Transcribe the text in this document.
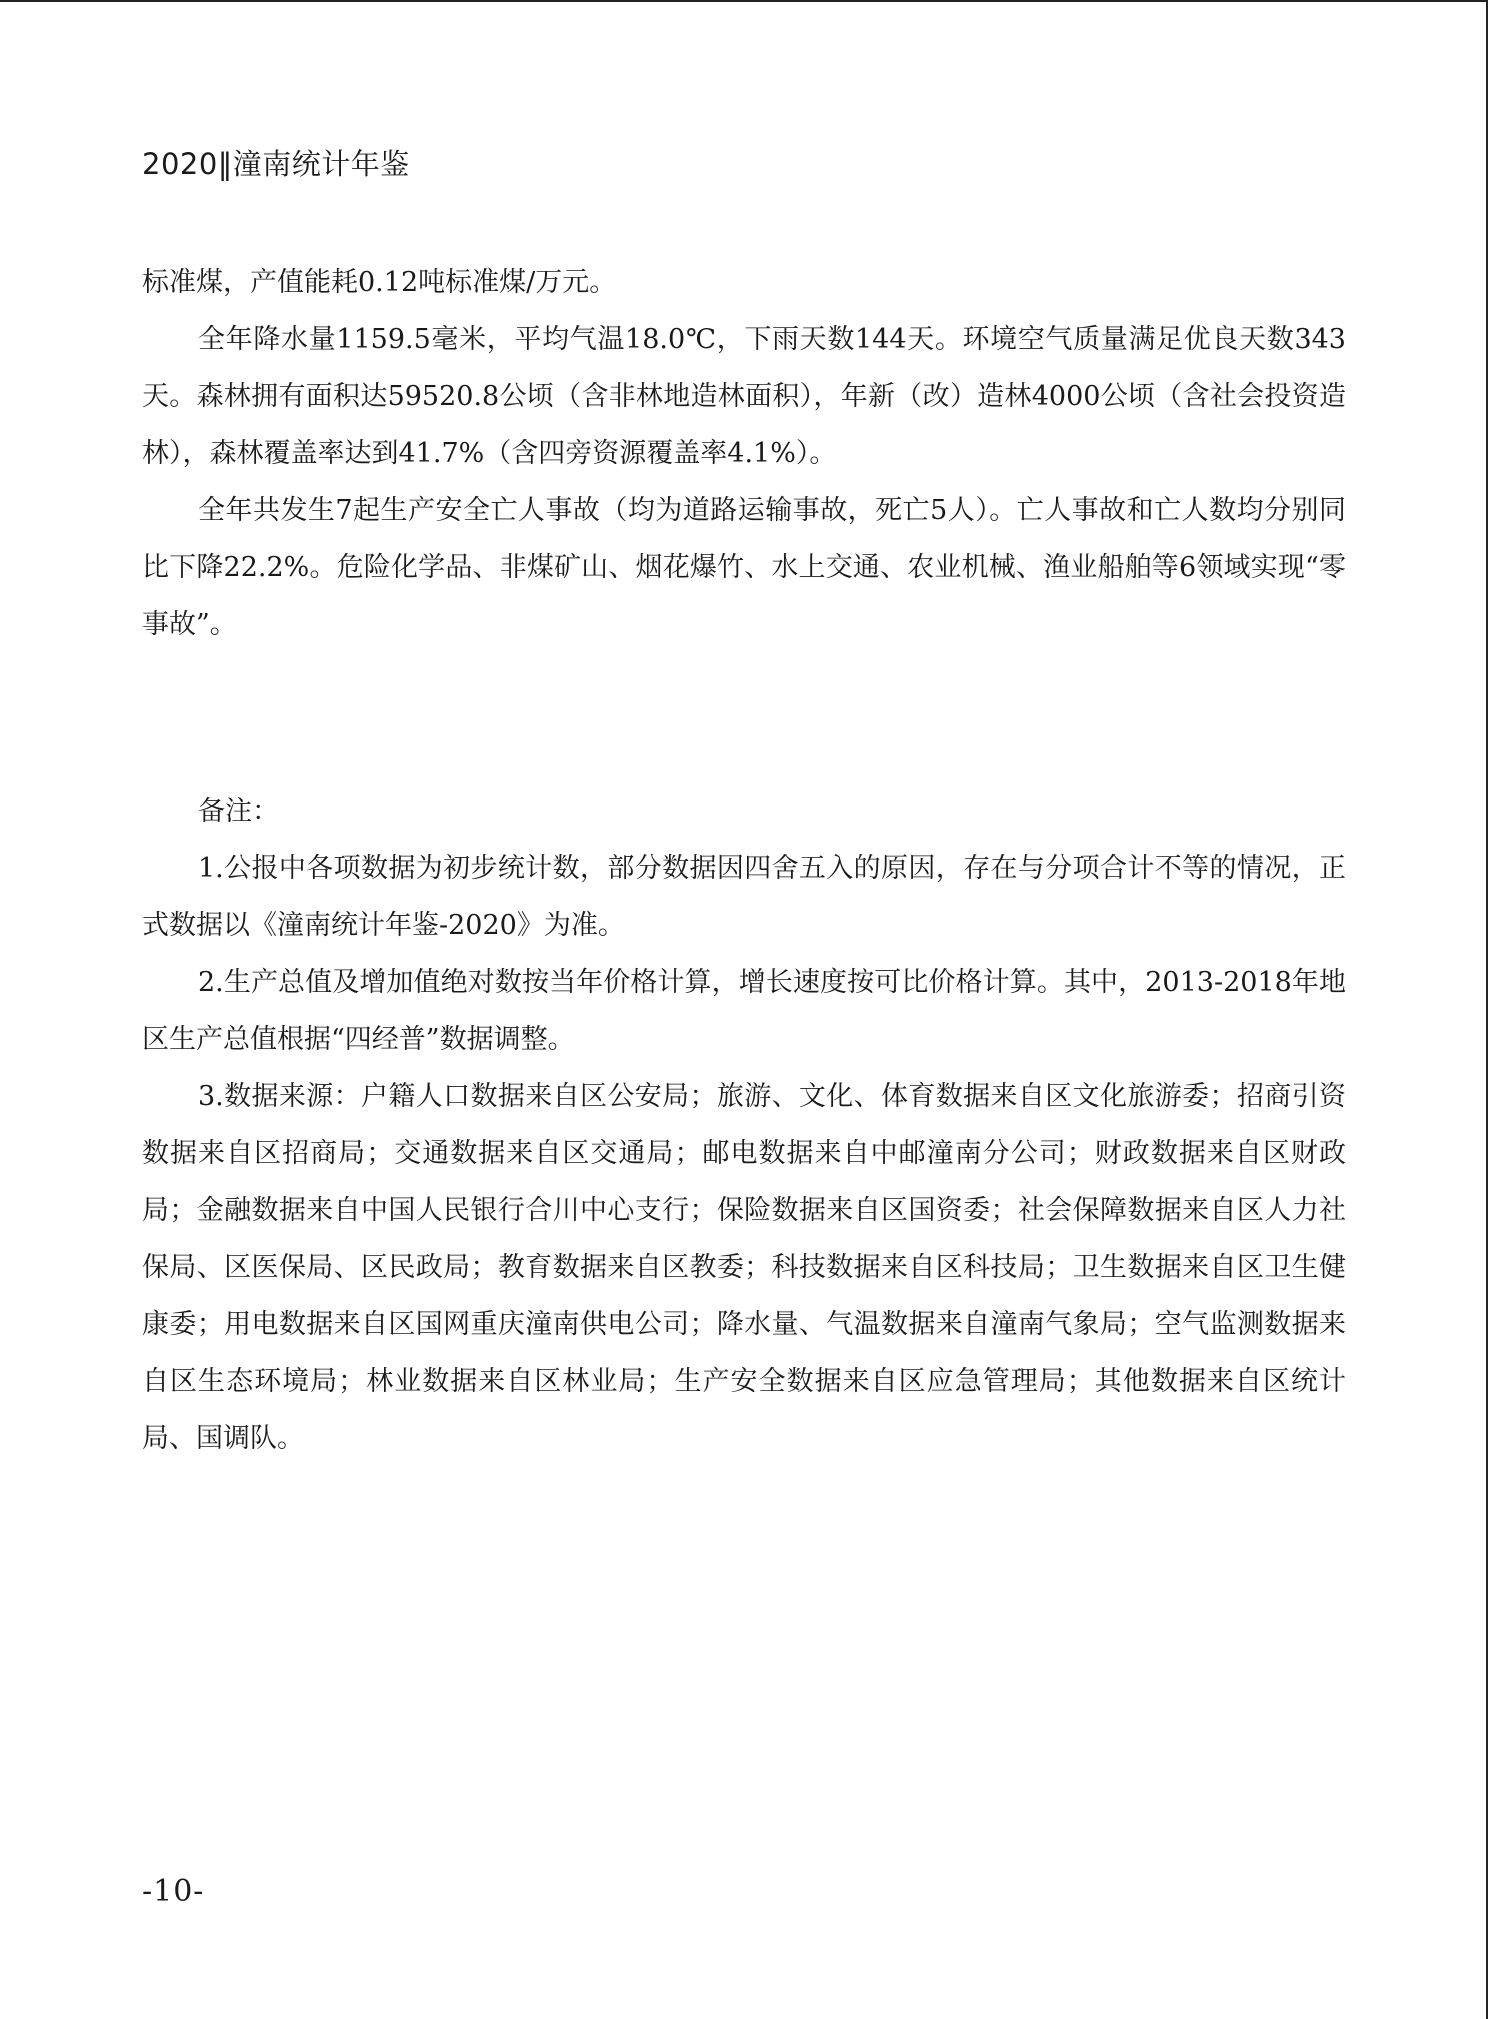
2020‖潼南统计年鉴

标准煤，产值能耗0.12吨标准煤/万元。

全年降水量1159.5毫米，平均气温18.0℃，下雨天数144天。环境空气质量满足优良天数343天。森林拥有面积达59520.8公顷（含非林地造林面积），年新（改）造林4000公顷（含社会投资造林），森林覆盖率达到41.7%（含四旁资源覆盖率4.1%）。

全年共发生7起生产安全亡人事故（均为道路运输事故，死亡5人）。亡人事故和亡人数均分别同比下降22.2%。危险化学品、非煤矿山、烟花爆竹、水上交通、农业机械、渔业船舶等6领域实现“零事故”。

备注：

1.公报中各项数据为初步统计数，部分数据因四舍五入的原因，存在与分项合计不等的情况，正式数据以《潼南统计年鉴-2020》为准。

2.生产总值及增加值绝对数按当年价格计算，增长速度按可比价格计算。其中，2013-2018年地区生产总值根据“四经普”数据调整。

3.数据来源：户籍人口数据来自区公安局；旅游、文化、体育数据来自区文化旅游委；招商引资数据来自区招商局；交通数据来自区交通局；邮电数据来自中邮潼南分公司；财政数据来自区财政局；金融数据来自中国人民银行合川中心支行；保险数据来自区国资委；社会保障数据来自区人力社保局、区医保局、区民政局；教育数据来自区教委；科技数据来自区科技局；卫生数据来自区卫生健康委；用电数据来自区国网重庆潼南供电公司；降水量、气温数据来自潼南气象局；空气监测数据来自区生态环境局；林业数据来自区林业局；生产安全数据来自区应急管理局；其他数据来自区统计局、国调队。

-10-
